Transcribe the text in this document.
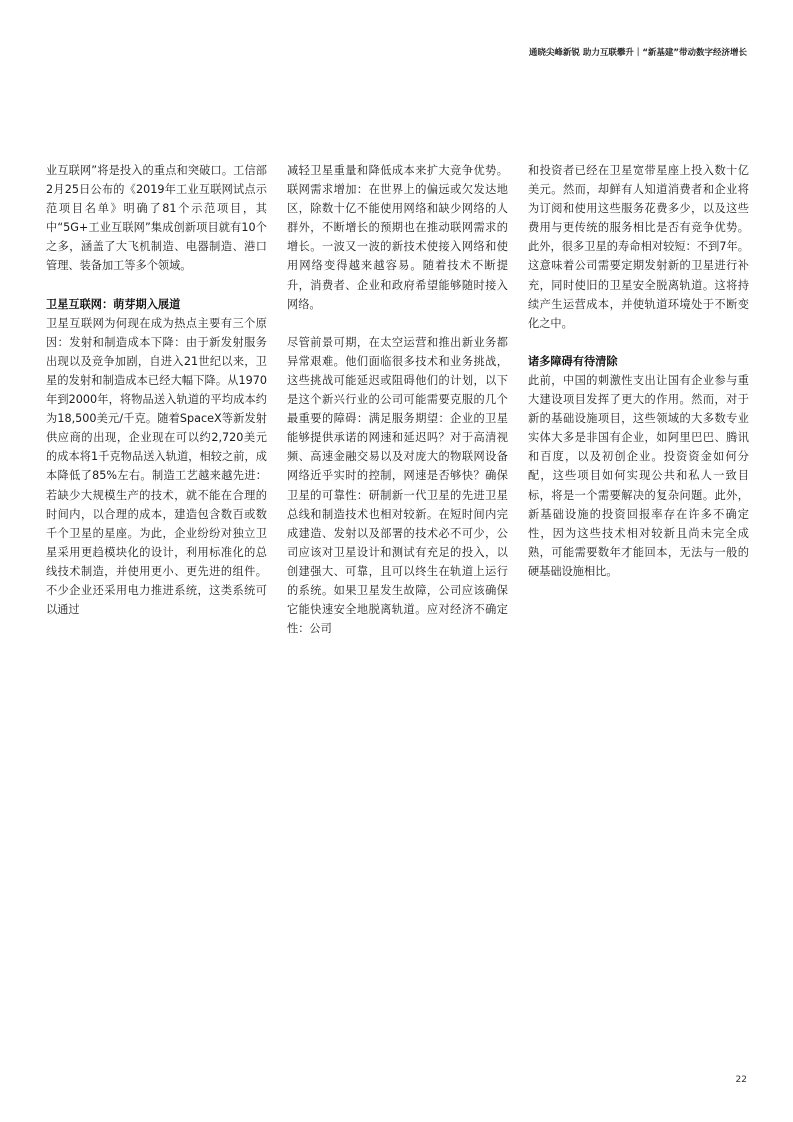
通晓尖峰新锐 助力互联攀升｜“新基建”带动数字经济增长

业互联网”将是投入的重点和突破口。工信部2月25日公布的《2019年工业互联网试点示范项目名单》明确了81个示范项目，其中“5G+工业互联网”集成创新项目就有10个之多，涵盖了大飞机制造、电器制造、港口管理、装备加工等多个领域。

卫星互联网：萌芽期入展道

卫星互联网为何现在成为热点主要有三个原因：发射和制造成本下降：由于新发射服务出现以及竞争加剧，自进入21世纪以来，卫星的发射和制造成本已经大幅下降。从1970年到2000年，将物品送入轨道的平均成本约为18,500美元/千克。随着SpaceX等新发射供应商的出现，企业现在可以约2,720美元的成本将1千克物品送入轨道，相较之前，成本降低了85%左右。制造工艺越来越先进：若缺少大规模生产的技术，就不能在合理的时间内，以合理的成本，建造包含数百或数千个卫星的星座。为此，企业纷纷对独立卫星采用更趋模块化的设计，利用标准化的总线技术制造，并使用更小、更先进的组件。不少企业还采用电力推进系统，这类系统可以通过

减轻卫星重量和降低成本来扩大竞争优势。联网需求增加：在世界上的偏远或欠发达地区，除数十亿不能使用网络和缺少网络的人群外，不断增长的预期也在推动联网需求的增长。一波又一波的新技术使接入网络和使用网络变得越来越容易。随着技术不断提升，消费者、企业和政府希望能够随时接入网络。

尽管前景可期，在太空运营和推出新业务都异常艰难。他们面临很多技术和业务挑战，这些挑战可能延迟或阻碍他们的计划，以下是这个新兴行业的公司可能需要克服的几个最重要的障碍：满足服务期望：企业的卫星能够提供承诺的网速和延迟吗？对于高清视频、高速金融交易以及对庞大的物联网设备网络近乎实时的控制，网速是否够快？确保卫星的可靠性：研制新一代卫星的先进卫星总线和制造技术也相对较新。在短时间内完成建造、发射以及部署的技术必不可少，公司应该对卫星设计和测试有充足的投入，以创建强大、可靠，且可以终生在轨道上运行的系统。如果卫星发生故障，公司应该确保它能快速安全地脱离轨道。应对经济不确定性：公司

和投资者已经在卫星宽带星座上投入数十亿美元。然而，却鲜有人知道消费者和企业将为订阅和使用这些服务花费多少，以及这些费用与更传统的服务相比是否有竞争优势。此外，很多卫星的寿命相对较短：不到7年。这意味着公司需要定期发射新的卫星进行补充，同时使旧的卫星安全脱离轨道。这将持续产生运营成本，并使轨道环境处于不断变化之中。

诸多障碍有待清除

此前，中国的刺激性支出让国有企业参与重大建设项目发挥了更大的作用。然而，对于新的基础设施项目，这些领域的大多数专业实体大多是非国有企业，如阿里巴巴、腾讯和百度，以及初创企业。投资资金如何分配，这些项目如何实现公共和私人一致目标，将是一个需要解决的复杂问题。此外，新基础设施的投资回报率存在许多不确定性，因为这些技术相对较新且尚未完全成熟，可能需要数年才能回本，无法与一般的硬基础设施相比。

22
